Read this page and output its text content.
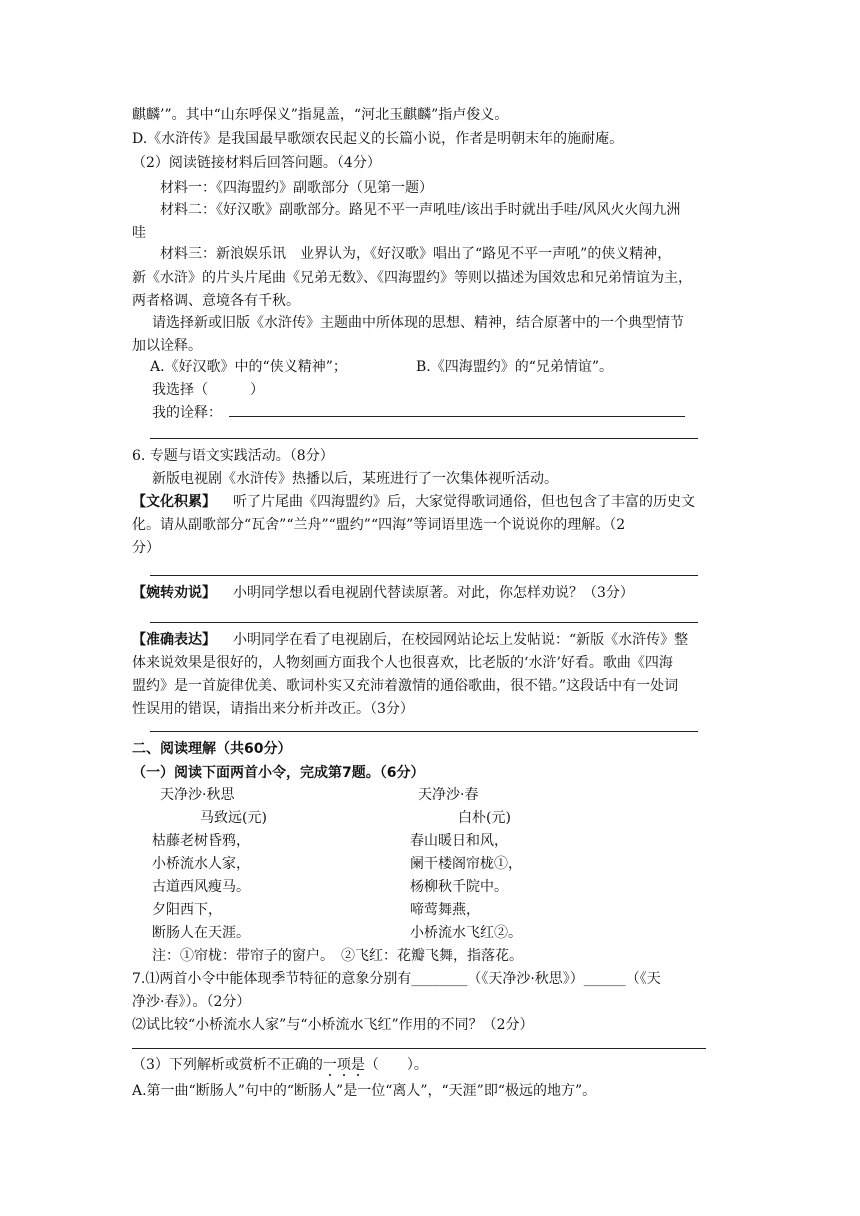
麒麟’”。其中“山东呼保义”指晁盖，“河北玉麒麟”指卢俊义。
D.《水浒传》是我国最早歌颂农民起义的长篇小说，作者是明朝末年的施耐庵。
（2）阅读链接材料后回答问题。（4分）
材料一：《四海盟约》副歌部分（见第一题）
材料二：《好汉歌》副歌部分。路见不平一声吼哇/该出手时就出手哇/风风火火闯九洲
哇
材料三：新浪娱乐讯　业界认为，《好汉歌》唱出了“路见不平一声吼”的侠义精神，
新《水浒》的片头片尾曲《兄弟无数》、《四海盟约》等则以描述为国效忠和兄弟情谊为主，
两者格调、意境各有千秋。
请选择新或旧版《水浒传》主题曲中所体现的思想、精神，结合原著中的一个典型情节
加以诠释。
A.《好汉歌》中的“侠义精神”；	B.《四海盟约》的“兄弟情谊”。
我选择（　　　）
我的诠释：
6. 专题与语文实践活动。（8分）
新版电视剧《水浒传》热播以后，某班进行了一次集体视听活动。
【文化积累】 听了片尾曲《四海盟约》后，大家觉得歌词通俗，但也包含了丰富的历史文
化。请从副歌部分“瓦舍”“兰舟”“盟约”“四海”等词语里选一个说说你的理解。（2
分）
【婉转劝说】 小明同学想以看电视剧代替读原著。对此，你怎样劝说？（3分）
【准确表达】 小明同学在看了电视剧后，在校园网站论坛上发帖说：“新版《水浒传》整
体来说效果是很好的，人物刻画方面我个人也很喜欢，比老版的‘水浒’好看。歌曲《四海
盟约》是一首旋律优美、歌词朴实又充沛着激情的通俗歌曲，很不错。”这段话中有一处词
性误用的错误，请指出来分析并改正。（3分）
二、阅读理解（共60分）
（一）阅读下面两首小令，完成第7题。（6分）
天净沙·秋思	天净沙·春
马致远(元)	白朴(元)
枯藤老树昏鸦，	春山暖日和风，
小桥流水人家，	阑干楼阁帘栊①，
古道西风瘦马。	杨柳秋千院中。
夕阳西下，	啼莺舞燕，
断肠人在天涯。	小桥流水飞红②。
注：①帘栊：带帘子的窗户。　②飞红：花瓣飞舞，指落花。
7.⑴两首小令中能体现季节特征的意象分别有________（《天净沙·秋思》）______（《天
净沙·春》）。（2分）
⑵试比较“小桥流水人家”与“小桥流水飞红”作用的不同？（2分）
（3）下列解析或赏析不正确的一项是（　　）。
A.第一曲“断肠人”句中的“断肠人”是一位“离人”，“天涯”即“极远的地方”。
